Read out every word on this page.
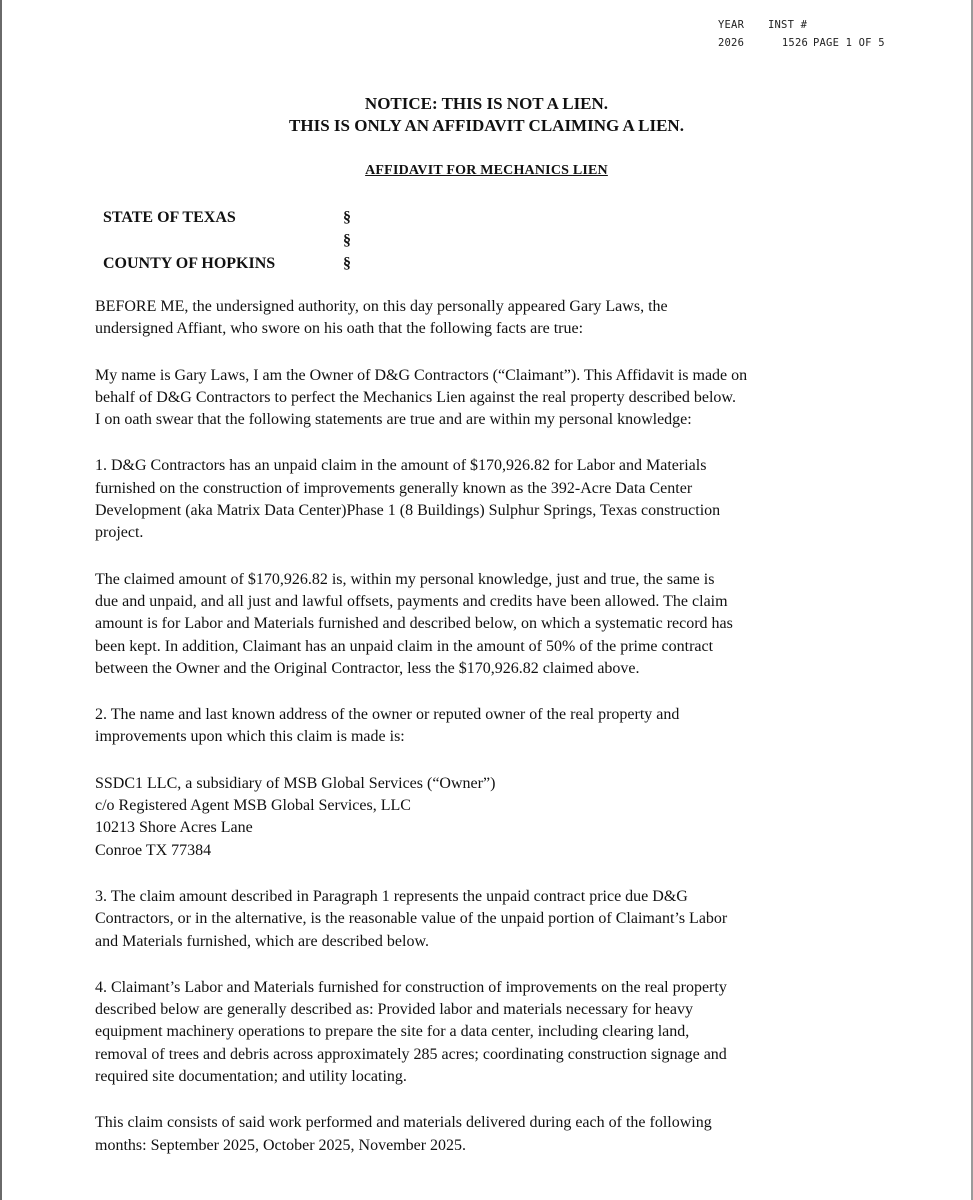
YEAR	INST #
2026	1526 PAGE 1 OF 5
NOTICE: THIS IS NOT A LIEN.
THIS IS ONLY AN AFFIDAVIT CLAIMING A LIEN.
AFFIDAVIT FOR MECHANICS LIEN
STATE OF TEXAS	§
§
COUNTY OF HOPKINS	§

BEFORE ME, the undersigned authority, on this day personally appeared Gary Laws, the
undersigned Affiant, who swore on his oath that the following facts are true:

My name is Gary Laws, I am the Owner of D&G Contractors (“Claimant”). This Affidavit is made on
behalf of D&G Contractors to perfect the Mechanics Lien against the real property described below.
I on oath swear that the following statements are true and are within my personal knowledge:

1. D&G Contractors has an unpaid claim in the amount of $170,926.82 for Labor and Materials
furnished on the construction of improvements generally known as the 392-Acre Data Center
Development (aka Matrix Data Center)Phase 1 (8 Buildings) Sulphur Springs, Texas construction
project.

The claimed amount of $170,926.82 is, within my personal knowledge, just and true, the same is
due and unpaid, and all just and lawful offsets, payments and credits have been allowed. The claim
amount is for Labor and Materials furnished and described below, on which a systematic record has
been kept. In addition, Claimant has an unpaid claim in the amount of 50% of the prime contract
between the Owner and the Original Contractor, less the $170,926.82 claimed above.

2. The name and last known address of the owner or reputed owner of the real property and
improvements upon which this claim is made is:

SSDC1 LLC, a subsidiary of MSB Global Services (“Owner”)
c/o Registered Agent MSB Global Services, LLC
10213 Shore Acres Lane
Conroe TX 77384

3. The claim amount described in Paragraph 1 represents the unpaid contract price due D&G
Contractors, or in the alternative, is the reasonable value of the unpaid portion of Claimant’s Labor
and Materials furnished, which are described below.

4. Claimant’s Labor and Materials furnished for construction of improvements on the real property
described below are generally described as: Provided labor and materials necessary for heavy
equipment machinery operations to prepare the site for a data center, including clearing land,
removal of trees and debris across approximately 285 acres; coordinating construction signage and
required site documentation; and utility locating.

This claim consists of said work performed and materials delivered during each of the following
months: September 2025, October 2025, November 2025.
